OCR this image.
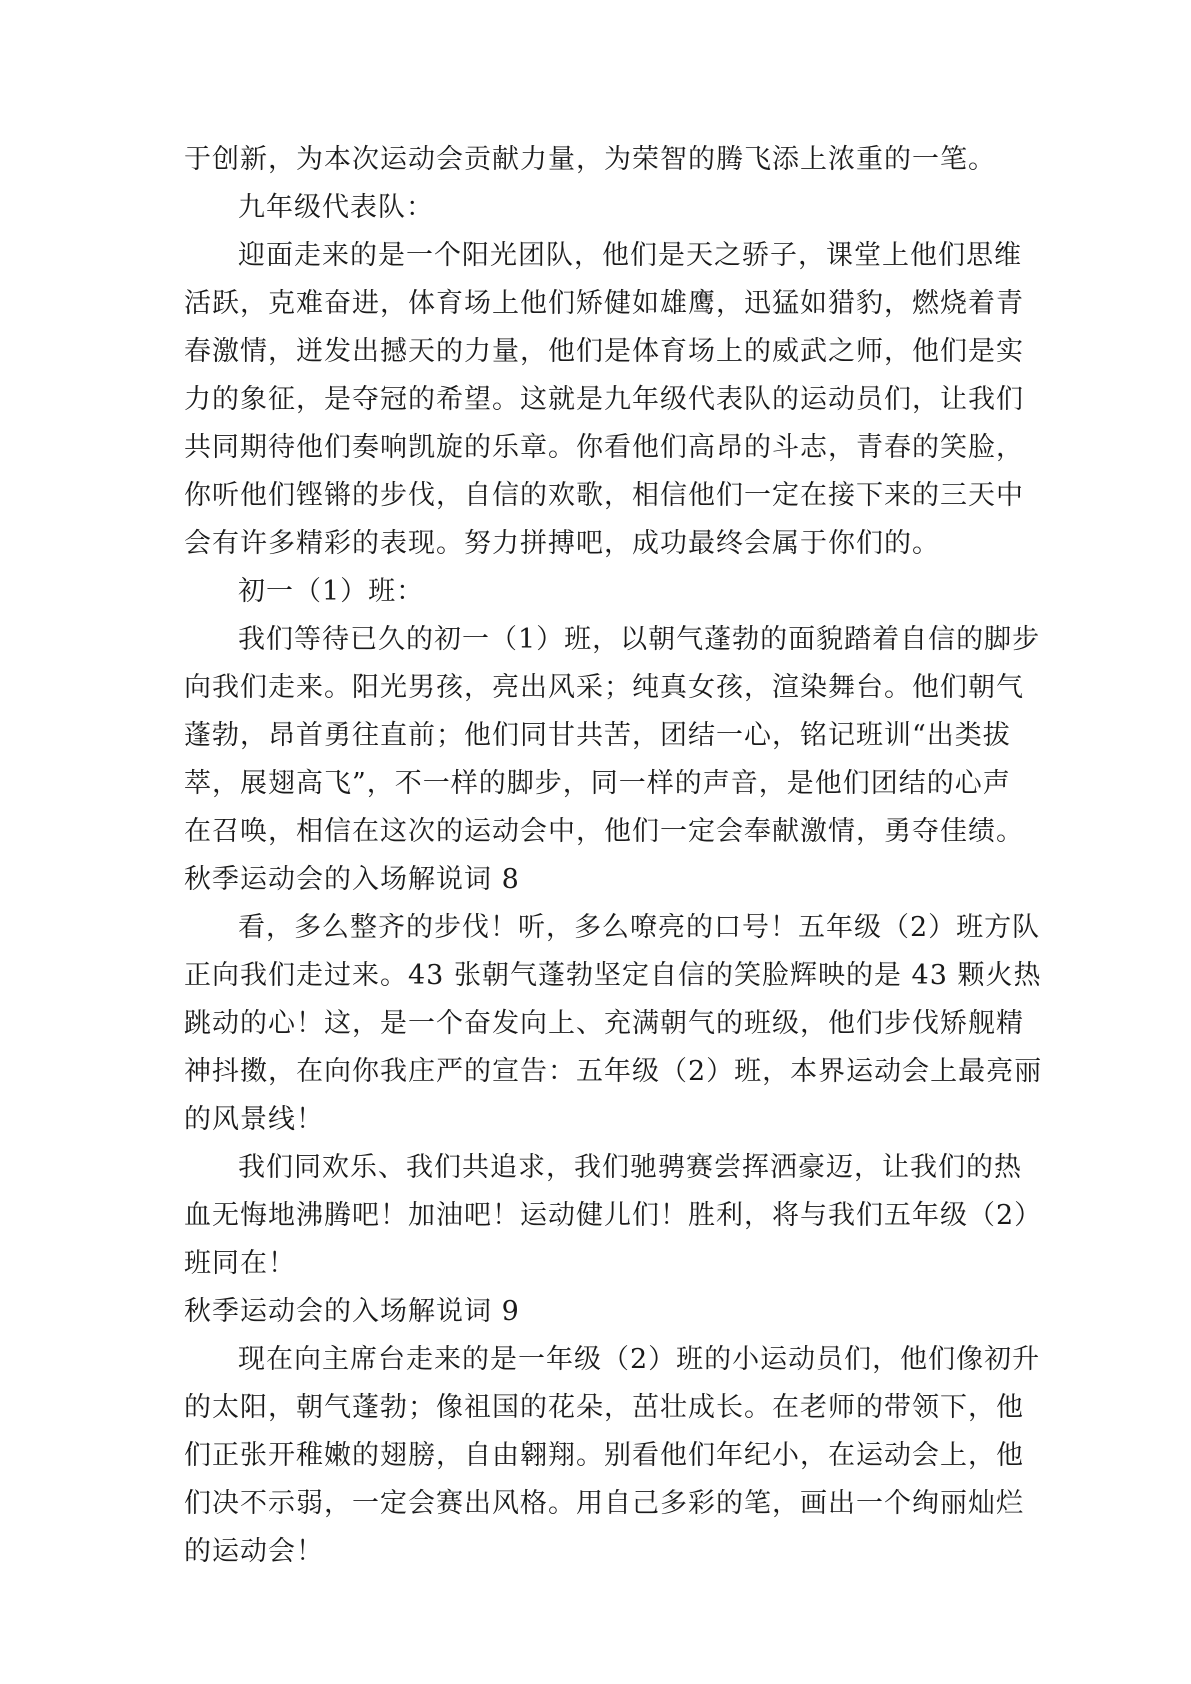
于创新，为本次运动会贡献力量，为荣智的腾飞添上浓重的一笔。

九年级代表队：

迎面走来的是一个阳光团队，他们是天之骄子，课堂上他们思维

活跃，克难奋进，体育场上他们矫健如雄鹰，迅猛如猎豹，燃烧着青

春激情，迸发出撼天的力量，他们是体育场上的威武之师，他们是实

力的象征，是夺冠的希望。这就是九年级代表队的运动员们，让我们

共同期待他们奏响凯旋的乐章。你看他们高昂的斗志，青春的笑脸，

你听他们铿锵的步伐，自信的欢歌，相信他们一定在接下来的三天中

会有许多精彩的表现。努力拼搏吧，成功最终会属于你们的。

初一（1）班：

我们等待已久的初一（1）班，以朝气蓬勃的面貌踏着自信的脚步

向我们走来。阳光男孩，亮出风采；纯真女孩，渲染舞台。他们朝气

蓬勃，昂首勇往直前；他们同甘共苦，团结一心，铭记班训“出类拔

萃，展翅高飞”，不一样的脚步，同一样的声音，是他们团结的心声

在召唤，相信在这次的运动会中，他们一定会奉献激情，勇夺佳绩。

秋季运动会的入场解说词 8

看，多么整齐的步伐！听，多么嘹亮的口号！五年级（2）班方队

正向我们走过来。43 张朝气蓬勃坚定自信的笑脸辉映的是 43 颗火热

跳动的心！这，是一个奋发向上、充满朝气的班级，他们步伐矫舰精

神抖擞，在向你我庄严的宣告：五年级（2）班，本界运动会上最亮丽

的风景线！

我们同欢乐、我们共追求，我们驰骋赛尝挥洒豪迈，让我们的热

血无悔地沸腾吧！加油吧！运动健儿们！胜利，将与我们五年级（2）

班同在！

秋季运动会的入场解说词 9

现在向主席台走来的是一年级（2）班的小运动员们，他们像初升

的太阳，朝气蓬勃；像祖国的花朵，茁壮成长。在老师的带领下，他

们正张开稚嫩的翅膀，自由翱翔。别看他们年纪小，在运动会上，他

们决不示弱，一定会赛出风格。用自己多彩的笔，画出一个绚丽灿烂

的运动会！
